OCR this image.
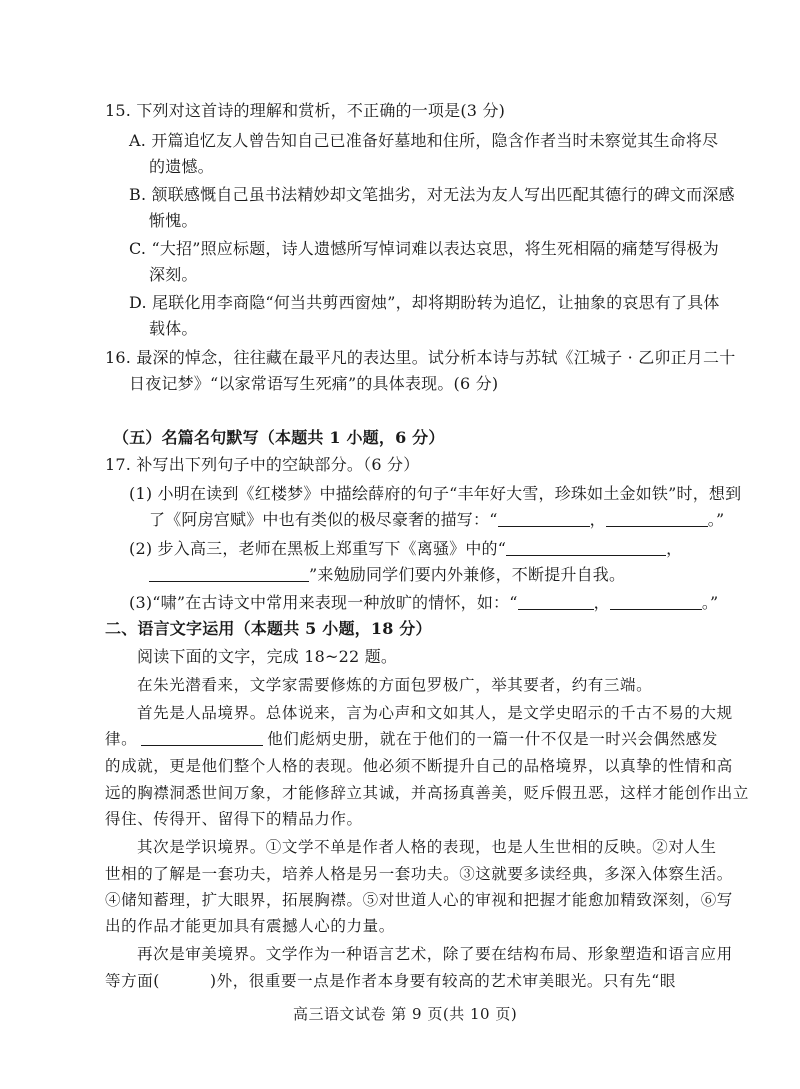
15. 下列对这首诗的理解和赏析，不正确的一项是(3 分)
A. 开篇追忆友人曾告知自己已准备好墓地和住所，隐含作者当时未察觉其生命将尽
的遗憾。
B. 颔联感慨自己虽书法精妙却文笔拙劣，对无法为友人写出匹配其德行的碑文而深感
惭愧。
C. “大招”照应标题，诗人遗憾所写悼词难以表达哀思，将生死相隔的痛楚写得极为
深刻。
D. 尾联化用李商隐“何当共剪西窗烛”，却将期盼转为追忆，让抽象的哀思有了具体
载体。
16. 最深的悼念，往往藏在最平凡的表达里。试分析本诗与苏轼《江城子 · 乙卯正月二十
日夜记梦》“以家常语写生死痛”的具体表现。(6 分)
（五）名篇名句默写（本题共 1 小题，6 分）
17. 补写出下列句子中的空缺部分。（6 分）
(1) 小明在读到《红楼梦》中描绘薛府的句子“丰年好大雪，珍珠如土金如铁”时，想到
了《阿房宫赋》中也有类似的极尽豪奢的描写：“	，	。”
(2) 步入高三，老师在黑板上郑重写下《离骚》中的“	，
”来勉励同学们要内外兼修，不断提升自我。
(3)“啸”在古诗文中常用来表现一种放旷的情怀，如：“	，	。”
二、语言文字运用（本题共 5 小题，18 分）
阅读下面的文字，完成 18~22 题。
在朱光潜看来，文学家需要修炼的方面包罗极广，举其要者，约有三端。
首先是人品境界。总体说来，言为心声和文如其人，是文学史昭示的千古不易的大规
律。	他们彪炳史册，就在于他们的一篇一什不仅是一时兴会偶然感发
的成就，更是他们整个人格的表现。他必须不断提升自己的品格境界，以真挚的性情和高
远的胸襟洞悉世间万象，才能修辞立其诚，并高扬真善美，贬斥假丑恶，这样才能创作出立
得住、传得开、留得下的精品力作。
其次是学识境界。①文学不单是作者人格的表现，也是人生世相的反映。②对人生
世相的了解是一套功夫，培养人格是另一套功夫。③这就要多读经典，多深入体察生活。
④储知蓄理，扩大眼界，拓展胸襟。⑤对世道人心的审视和把握才能愈加精致深刻，⑥写
出的作品才能更加具有震撼人心的力量。
再次是审美境界。文学作为一种语言艺术，除了要在结构布局、形象塑造和语言应用
等方面(	)外，很重要一点是作者本身要有较高的艺术审美眼光。只有先“眼
高三语文试卷 第 9 页(共 10 页)
